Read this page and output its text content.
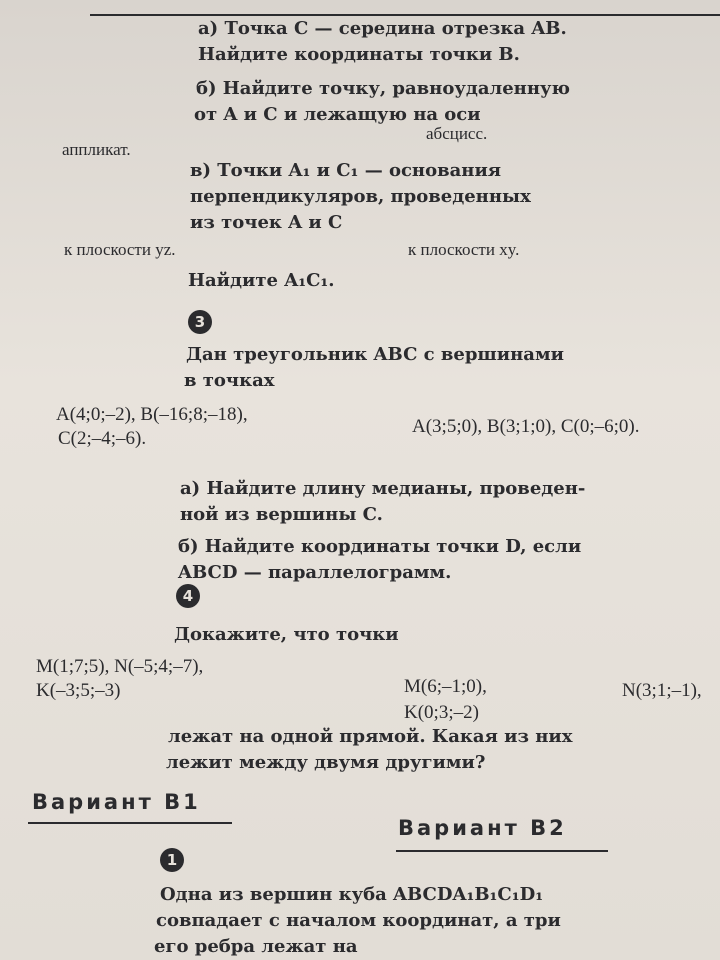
а) Точка C — середина отрезка AB.
Найдите координаты точки B.
б) Найдите точку, равноудаленную
от A и C и лежащую на оси
аппликат.
абсцисс.
в) Точки A₁ и C₁ — основания
перпендикуляров, проведенных
из точек A и C
к плоскости yz.	к плоскости xy.
Найдите A₁C₁.
3
Дан треугольник ABC с вершинами
в точках
A(4;0;–2), B(–16;8;–18),
C(2;–4;–6).
A(3;5;0), B(3;1;0), C(0;–6;0).
а) Найдите длину медианы, проведен-
ной из вершины C.
б) Найдите координаты точки D, если
ABCD — параллелограмм.
4
Докажите, что точки
M(1;7;5), N(–5;4;–7),
K(–3;5;–3)	M(6;–1;0),
K(0;3;–2)
N(3;1;–1),
лежат на одной прямой. Какая из них
лежит между двумя другими?
Вариант В1
Вариант В2
1
Одна из вершин куба ABCDA₁B₁C₁D₁
совпадает с началом координат, а три
его ребра лежат на
